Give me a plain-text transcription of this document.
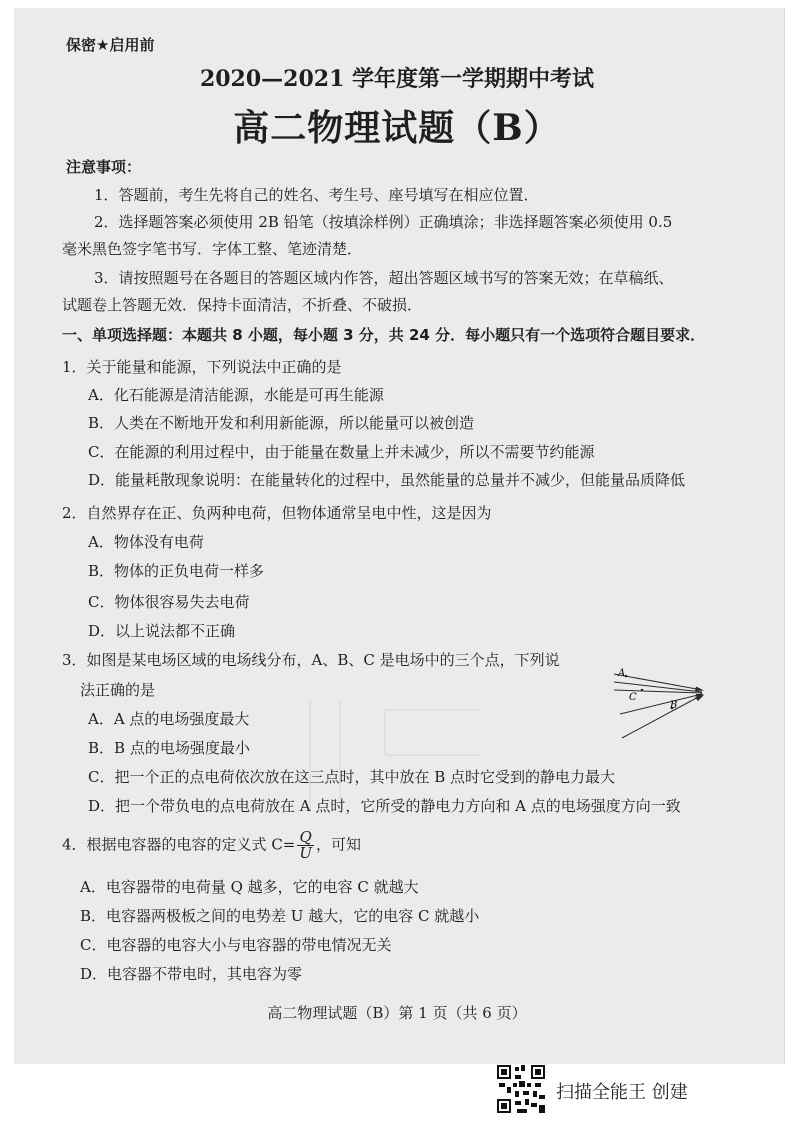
保密★启用前
2020—2021 学年度第一学期期中考试
高二物理试题（B）
注意事项：
1．答题前，考生先将自己的姓名、考生号、座号填写在相应位置．
2．选择题答案必须使用 2B 铅笔（按填涂样例）正确填涂；非选择题答案必须使用 0.5
毫米黑色签字笔书写．字体工整、笔迹清楚．
3．请按照题号在各题目的答题区域内作答，超出答题区域书写的答案无效；在草稿纸、
试题卷上答题无效．保持卡面清洁，不折叠、不破损．
一、单项选择题：本题共 8 小题，每小题 3 分，共 24 分．每小题只有一个选项符合题目要求．
1．关于能量和能源，下列说法中正确的是
A．化石能源是清洁能源，水能是可再生能源
B．人类在不断地开发和利用新能源，所以能量可以被创造
C．在能源的利用过程中，由于能量在数量上并未减少，所以不需要节约能源
D．能量耗散现象说明：在能量转化的过程中，虽然能量的总量并不减少，但能量品质降低
2．自然界存在正、负两种电荷，但物体通常呈电中性，这是因为
A．物体没有电荷
B．物体的正负电荷一样多
C．物体很容易失去电荷
D．以上说法都不正确
3．如图是某电场区域的电场线分布，A、B、C 是电场中的三个点，下列说
法正确的是
A．A 点的电场强度最大
B．B 点的电场强度最小
C．把一个正的点电荷依次放在这三点时，其中放在 B 点时它受到的静电力最大
D．把一个带负电的点电荷放在 A 点时，它所受的静电力方向和 A 点的电场强度方向一致
A
C
B
4．根据电容器的电容的定义式 $C= \frac{Q}{U}$ ，可知
A．电容器带的电荷量 Q 越多，它的电容 C 就越大
B．电容器两极板之间的电势差 U 越大，它的电容 C 就越小
C．电容器的电容大小与电容器的带电情况无关
D．电容器不带电时，其电容为零
高二物理试题（B）第 1 页（共 6 页）
扫描全能王 创建
